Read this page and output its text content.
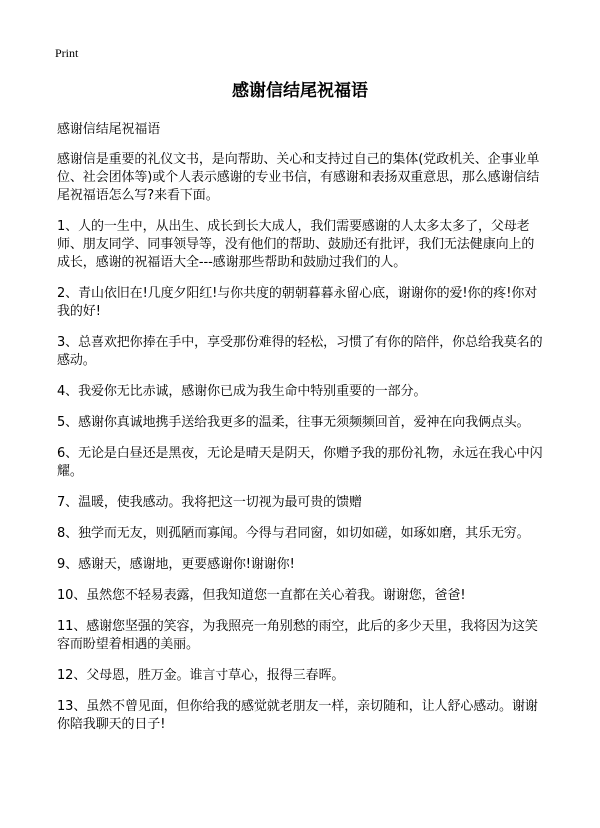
Print
感谢信结尾祝福语

感谢信结尾祝福语

感谢信是重要的礼仪文书，是向帮助、关心和支持过自己的集体(党政机关、企事业单位、社会团体等)或个人表示感谢的专业书信，有感谢和表扬双重意思，那么感谢信结尾祝福语怎么写?来看下面。

1、人的一生中，从出生、成长到长大成人，我们需要感谢的人太多太多了，父母老师、朋友同学、同事领导等，没有他们的帮助、鼓励还有批评，我们无法健康向上的成长，感谢的祝福语大全---感谢那些帮助和鼓励过我们的人。

2、青山依旧在!几度夕阳红!与你共度的朝朝暮暮永留心底，谢谢你的爱!你的疼!你对我的好!

3、总喜欢把你捧在手中，享受那份难得的轻松，习惯了有你的陪伴，你总给我莫名的感动。

4、我爱你无比赤诚，感谢你已成为我生命中特别重要的一部分。

5、感谢你真诚地携手送给我更多的温柔，往事无须频频回首，爱神在向我俩点头。

6、无论是白昼还是黑夜，无论是晴天是阴天，你赠予我的那份礼物，永远在我心中闪耀。

7、温暖，使我感动。我将把这一切视为最可贵的馈赠

8、独学而无友，则孤陋而寡闻。今得与君同窗，如切如磋，如琢如磨，其乐无穷。

9、感谢天，感谢地，更要感谢你!谢谢你!

10、虽然您不轻易表露，但我知道您一直都在关心着我。谢谢您，爸爸!

11、感谢您坚强的笑容，为我照亮一角别愁的雨空，此后的多少天里，我将因为这笑容而盼望着相遇的美丽。

12、父母恩，胜万金。谁言寸草心，报得三春晖。

13、虽然不曾见面，但你给我的感觉就老朋友一样，亲切随和，让人舒心感动。谢谢你陪我聊天的日子!
